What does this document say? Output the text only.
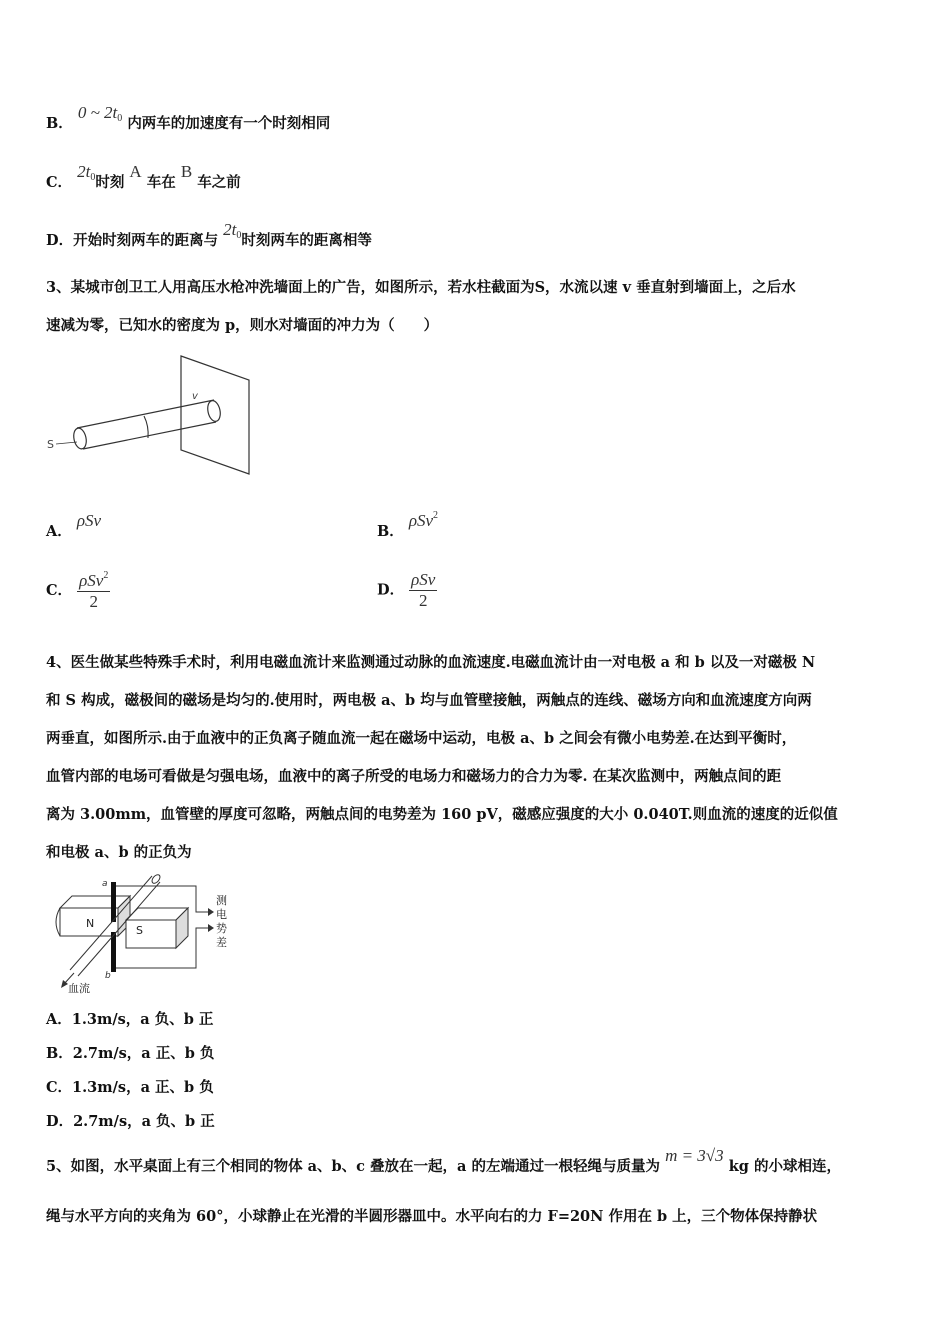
B． 0 ~ $2t_0$ 内两车的加速度有一个时刻相同
C． $2t_0$时刻 A 车在 B 车之前
D．开始时刻两车的距离与 $2t_0$时刻两车的距离相等
3、某城市创卫工人用高压水枪冲洗墙面上的广告，如图所示，若水柱截面为S，水流以速 v 垂直射到墙面上，之后水
速减为零，已知水的密度为 p，则水对墙面的冲力为（　　）
v
S
A． ρSv
B． ρSv$^2$
C． $\frac{\rho Sv^2}{2}$	D． $\frac{\text{ρSv}}{2}$
4、医生做某些特殊手术时，利用电磁血流计来监测通过动脉的血流速度.电磁血流计由一对电极 a 和 b 以及一对磁极 N
和 S 构成，磁极间的磁场是均匀的.使用时，两电极 a、b 均与血管壁接触，两触点的连线、磁场方向和血流速度方向两
两垂直，如图所示.由于血液中的正负离子随血流一起在磁场中运动，电极 a、b 之间会有微小电势差.在达到平衡时，
血管内部的电场可看做是匀强电场，血液中的离子所受的电场力和磁场力的合力为零. 在某次监测中，两触点间的距
离为 3.00mm，血管壁的厚度可忽略，两触点间的电势差为 160 pV，磁感应强度的大小 0.040T.则血流的速度的近似值
和电极 a、b 的正负为
N
S
a
b
血流
测
电
势
差
A．1.3m/s，a 负、b 正
B．2.7m/s，a 正、b 负
C．1.3m/s，a 正、b 负
D．2.7m/s，a 负、b 正
5、如图，水平桌面上有三个相同的物体 a、b、c 叠放在一起，a 的左端通过一根轻绳与质量为 m = 3√3 kg 的小球相连，
绳与水平方向的夹角为 60°，小球静止在光滑的半圆形器皿中。水平向右的力 F=20N 作用在 b 上，三个物体保持静状
